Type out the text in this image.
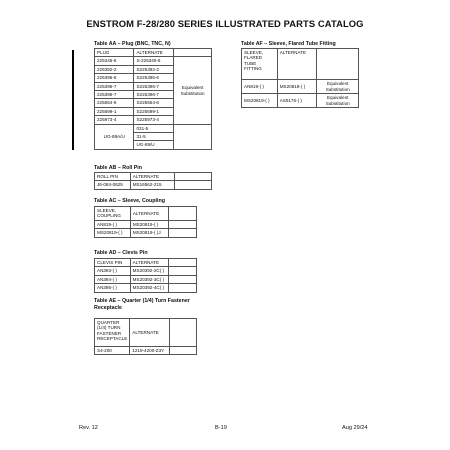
ENSTROM F-28/280 SERIES ILLUSTRATED PARTS CATALOG
Table AA – Plug (BNC, TNC, N)
PLUG	ALTERNATE	
225345-6	S-225345-6	Equivalent Substitution
225392-2	S225392-2	
225395-6	S225395-6	
225395-7	S225395-7	
225396-7	S225396-7	
225554-6	S225554-6	
225699-1	S225699-1	
225973-4	S225973-4	
UG-89A/U	031-5	
	31-5	
	UG-89/U	
Table AF – Sleeve, Flared Tube Fitting
SLEEVE, FLARED TUBE FITTING	ALTERNATE	
AN819-( )	MS20819-( )	Equivalent Substitution
MS20819-( )	AS5176-( )	Equivalent Substitution
Table AB – Roll Pin
ROLL PIN	ALTERNATE	
J6-084-0625	MS16562-215	
Table AC – Sleeve, Coupling
SLEEVE, COUPLING	ALTERNATE	
AN819-( )	MS20819-( )	
MS20819-( )	MS20819-( )J	
Table AD – Clevis Pin
CLEVIS PIN	ALTERNATE	
AN393-( )	MS20392-2C( )	
AN394-( )	MS20392-3C( )	
AN395-( )	MS20392-4C( )	
Table AE – Quarter (1/4) Turn Fastener Receptacle
QUARTER (1/4) TURN FASTENER RECEPTACLE	ALTERNATE	
S4-200	1219-4200-Z3Y	
Rev. 12	B-19	Aug 29/24
